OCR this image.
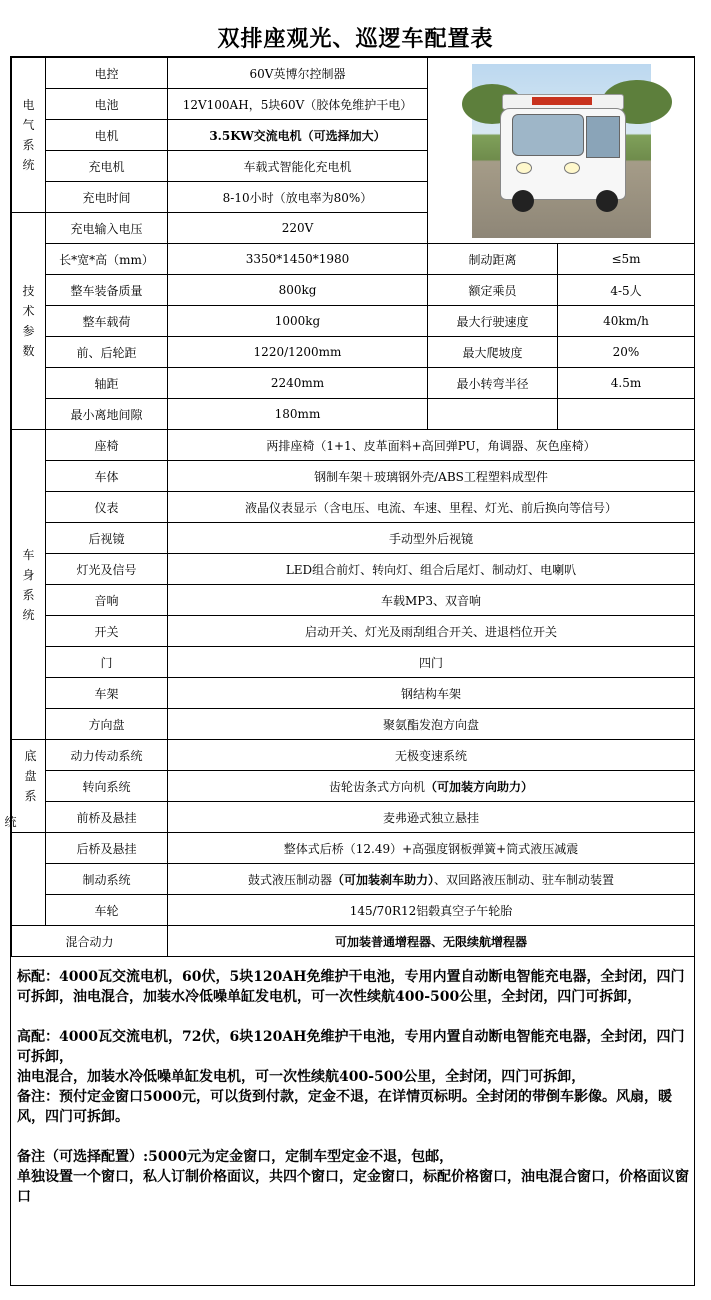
双排座观光、巡逻车配置表
电
气
系
统	电控	60V英博尔控制器		

	电池	12V100AH，5块60V（胶体免维护干电）		
	电机	3.5KW交流电机（可选择加大）		
	充电机	车载式智能化充电机		
	充电时间	8-10小时（放电率为80%）		
技
术
参
数	充电输入电压	220V		
	长*宽*高（mm）	3350*1450*1980	制动距离	≤5m
	整车装备质量	800kg	额定乘员	4-5人
	整车载荷	1000kg	最大行驶速度	40km/h
	前、后轮距	1220/1200mm	最大爬坡度	20%
	轴距	2240mm	最小转弯半径	4.5m
	最小离地间隙	180mm		
车
身
系
统	座椅	两排座椅（1+1、皮革面料+高回弹PU，角调器、灰色座椅）		
	车体	钢制车架＋玻璃钢外壳/ABS工程塑料成型件		
	仪表	液晶仪表显示（含电压、电流、车速、里程、灯光、前后换向等信号）		
	后视镜	手动型外后视镜		
	灯光及信号	LED组合前灯、转向灯、组合后尾灯、制动灯、电喇叭		
	音响	车载MP3、双音响		
	开关	启动开关、灯光及雨刮组合开关、进退档位开关		
	门	四门		
	车架	钢结构车架		
	方向盘	聚氨酯发泡方向盘		
统底
盘
系	动力传动系统	无极变速系统		
	转向系统	齿轮齿条式方向机（可加装方向助力）		
	前桥及悬挂	麦弗逊式独立悬挂		
	后桥及悬挂	整体式后桥（12.49）+高强度钢板弹簧+筒式液压减震		
	制动系统	鼓式液压制动器（可加装刹车助力）、双回路液压制动、驻车制动装置		
	车轮	145/70R12铝毂真空子午轮胎		
混合动力		可加装普通增程器、无限续航增程器		

标配：4000瓦交流电机，60伏，5块120AH免维护干电池，专用内置自动断电智能充电器，全封闭，四门可拆卸，油电混合，加装水冷低噪单缸发电机，可一次性续航400-500公里，全封闭，四门可拆卸，

高配：4000瓦交流电机，72伏，6块120AH免维护干电池，专用内置自动断电智能充电器，全封闭，四门可拆卸，

油电混合，加装水冷低噪单缸发电机，可一次性续航400-500公里，全封闭，四门可拆卸，

备注：预付定金窗口5000元，可以货到付款，定金不退，在详情页标明。全封闭的带倒车影像。风扇，暖风，四门可拆卸。

备注（可选择配置）:5000元为定金窗口，定制车型定金不退，包邮，

单独设置一个窗口，私人订制价格面议，共四个窗口，定金窗口，标配价格窗口，油电混合窗口，价格面议窗口
